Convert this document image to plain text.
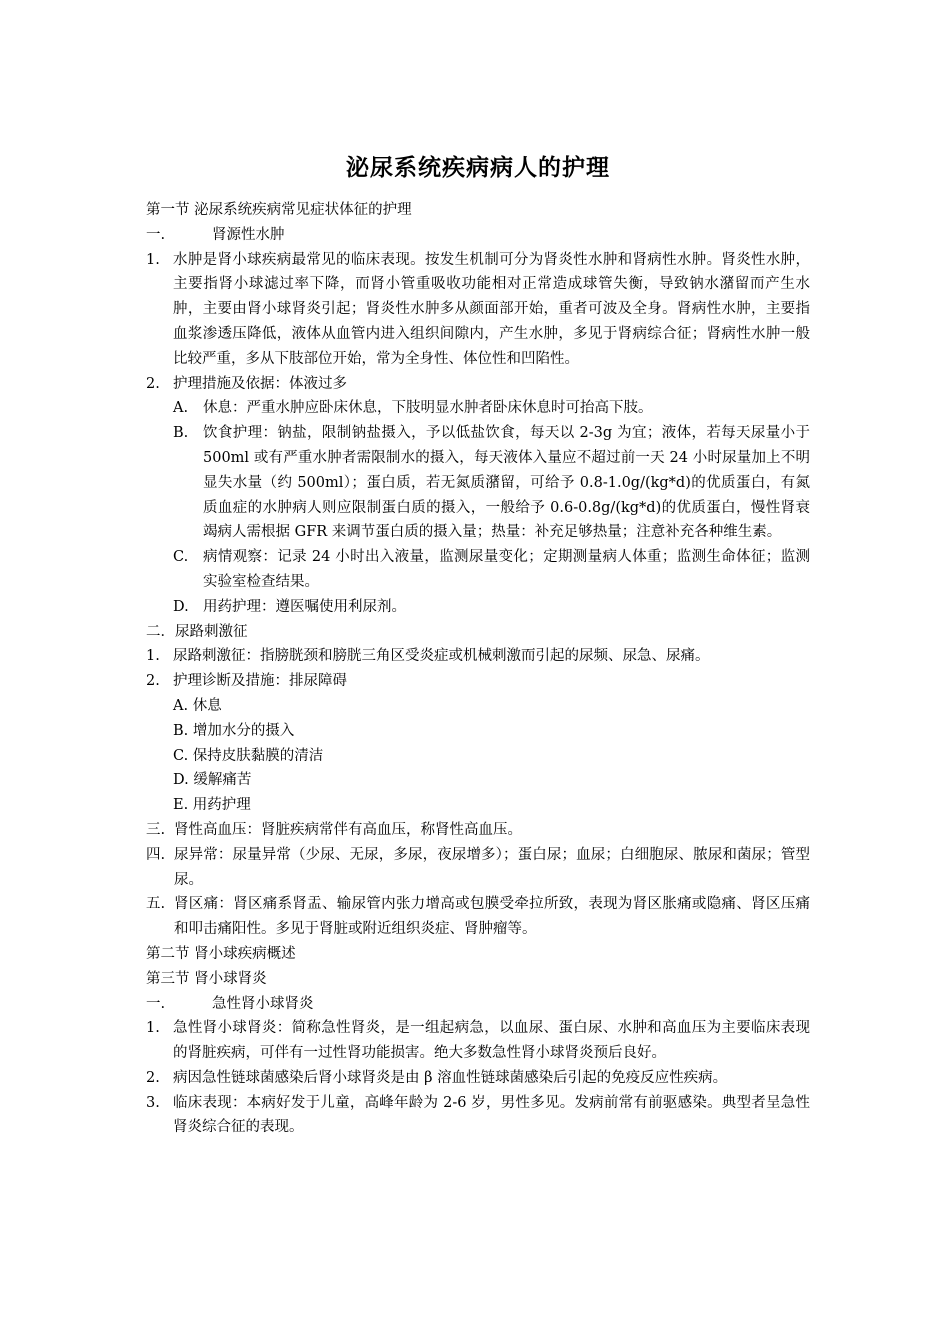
泌尿系统疾病病人的护理
第一节 泌尿系统疾病常见症状体征的护理
一.	肾源性水肿
1. 水肿是肾小球疾病最常见的临床表现。按发生机制可分为肾炎性水肿和肾病性水肿。肾炎性水肿，主要指肾小球滤过率下降，而肾小管重吸收功能相对正常造成球管失衡，导致钠水潴留而产生水肿，主要由肾小球肾炎引起；肾炎性水肿多从颜面部开始，重者可波及全身。肾病性水肿，主要指血浆渗透压降低，液体从血管内进入组织间隙内，产生水肿，多见于肾病综合征；肾病性水肿一般比较严重，多从下肢部位开始，常为全身性、体位性和凹陷性。
2. 护理措施及依据：体液过多
A. 休息：严重水肿应卧床休息，下肢明显水肿者卧床休息时可抬高下肢。
B. 饮食护理：钠盐，限制钠盐摄入，予以低盐饮食，每天以 2-3g 为宜；液体，若每天尿量小于 500ml 或有严重水肿者需限制水的摄入，每天液体入量应不超过前一天 24 小时尿量加上不明显失水量（约 500ml）；蛋白质，若无氮质潴留，可给予 0.8-1.0g/(kg*d)的优质蛋白，有氮质血症的水肿病人则应限制蛋白质的摄入，一般给予 0.6-0.8g/(kg*d)的优质蛋白，慢性肾衰竭病人需根据 GFR 来调节蛋白质的摄入量；热量：补充足够热量；注意补充各种维生素。
C. 病情观察：记录 24 小时出入液量，监测尿量变化；定期测量病人体重；监测生命体征；监测实验室检查结果。
D. 用药护理：遵医嘱使用利尿剂。
二．尿路刺激征
1. 尿路刺激征：指膀胱颈和膀胱三角区受炎症或机械刺激而引起的尿频、尿急、尿痛。
2. 护理诊断及措施：排尿障碍
A. 休息
B. 增加水分的摄入
C. 保持皮肤黏膜的清洁
D. 缓解痛苦
E. 用药护理
三. 肾性高血压：肾脏疾病常伴有高血压，称肾性高血压。
四. 尿异常：尿量异常（少尿、无尿，多尿，夜尿增多）；蛋白尿；血尿；白细胞尿、脓尿和菌尿；管型尿。
五. 肾区痛：肾区痛系肾盂、输尿管内张力增高或包膜受牵拉所致，表现为肾区胀痛或隐痛、肾区压痛和叩击痛阳性。多见于肾脏或附近组织炎症、肾肿瘤等。
第二节 肾小球疾病概述
第三节 肾小球肾炎
一.	急性肾小球肾炎
1. 急性肾小球肾炎：简称急性肾炎，是一组起病急，以血尿、蛋白尿、水肿和高血压为主要临床表现的肾脏疾病，可伴有一过性肾功能损害。绝大多数急性肾小球肾炎预后良好。
2. 病因急性链球菌感染后肾小球肾炎是由 β 溶血性链球菌感染后引起的免疫反应性疾病。
3. 临床表现：本病好发于儿童，高峰年龄为 2-6 岁，男性多见。发病前常有前驱感染。典型者呈急性肾炎综合征的表现。
